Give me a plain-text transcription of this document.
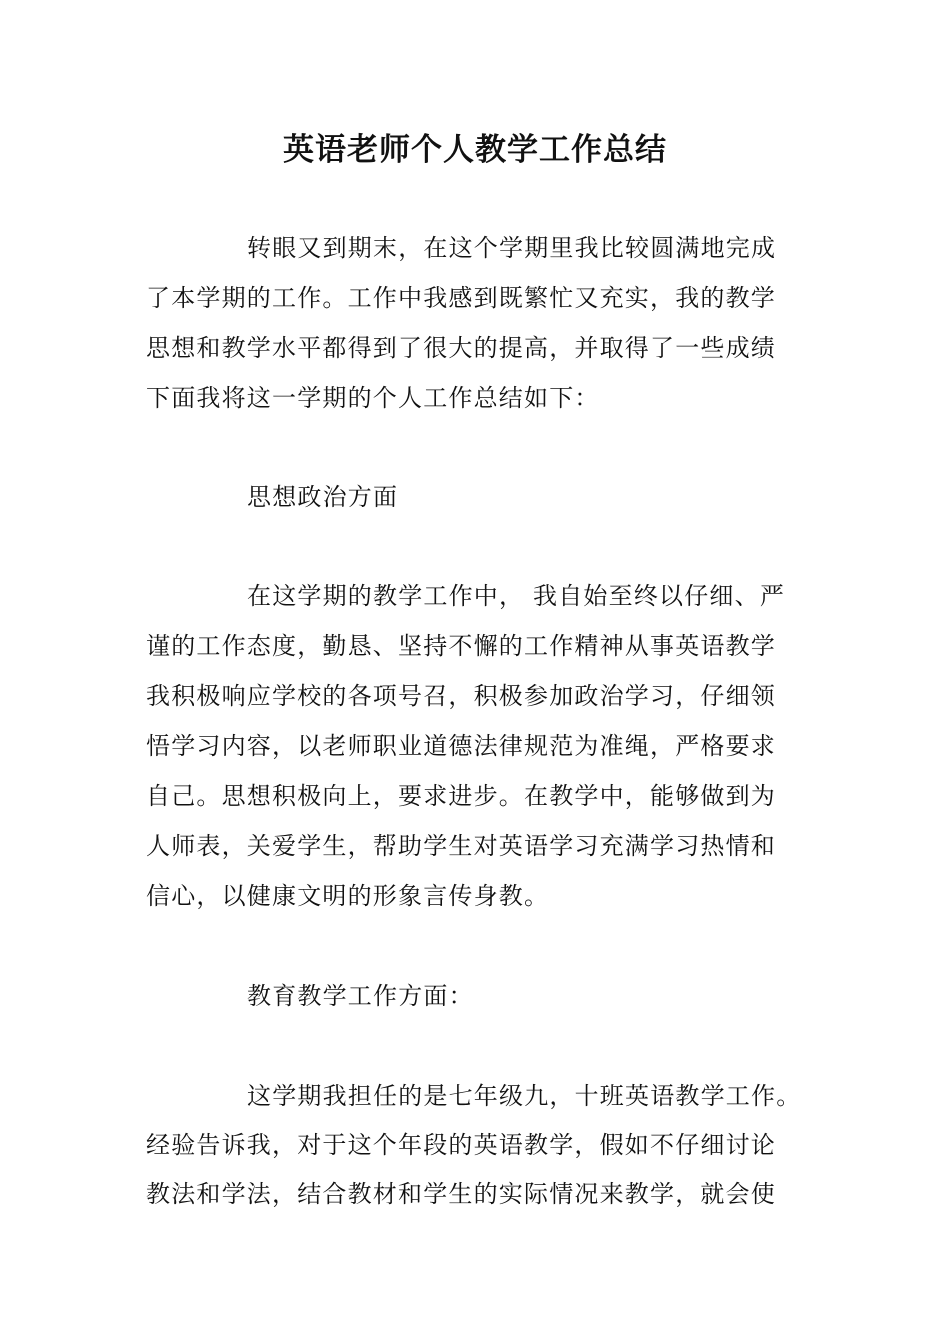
英语老师个人教学工作总结

转眼又到期末，在这个学期里我比较圆满地完成

了本学期的工作。工作中我感到既繁忙又充实，我的教学

思想和教学水平都得到了很大的提高，并取得了一些成绩

下面我将这一学期的个人工作总结如下：

思想政治方面

在这学期的教学工作中， 我自始至终以仔细、严

谨的工作态度，勤恳、坚持不懈的工作精神从事英语教学

我积极响应学校的各项号召，积极参加政治学习，仔细领

悟学习内容，以老师职业道德法律规范为准绳，严格要求

自己。思想积极向上，要求进步。在教学中，能够做到为

人师表，关爱学生，帮助学生对英语学习充满学习热情和

信心，以健康文明的形象言传身教。

教育教学工作方面：

这学期我担任的是七年级九，十班英语教学工作。

经验告诉我，对于这个年段的英语教学，假如不仔细讨论

教法和学法，结合教材和学生的实际情况来教学，就会使
